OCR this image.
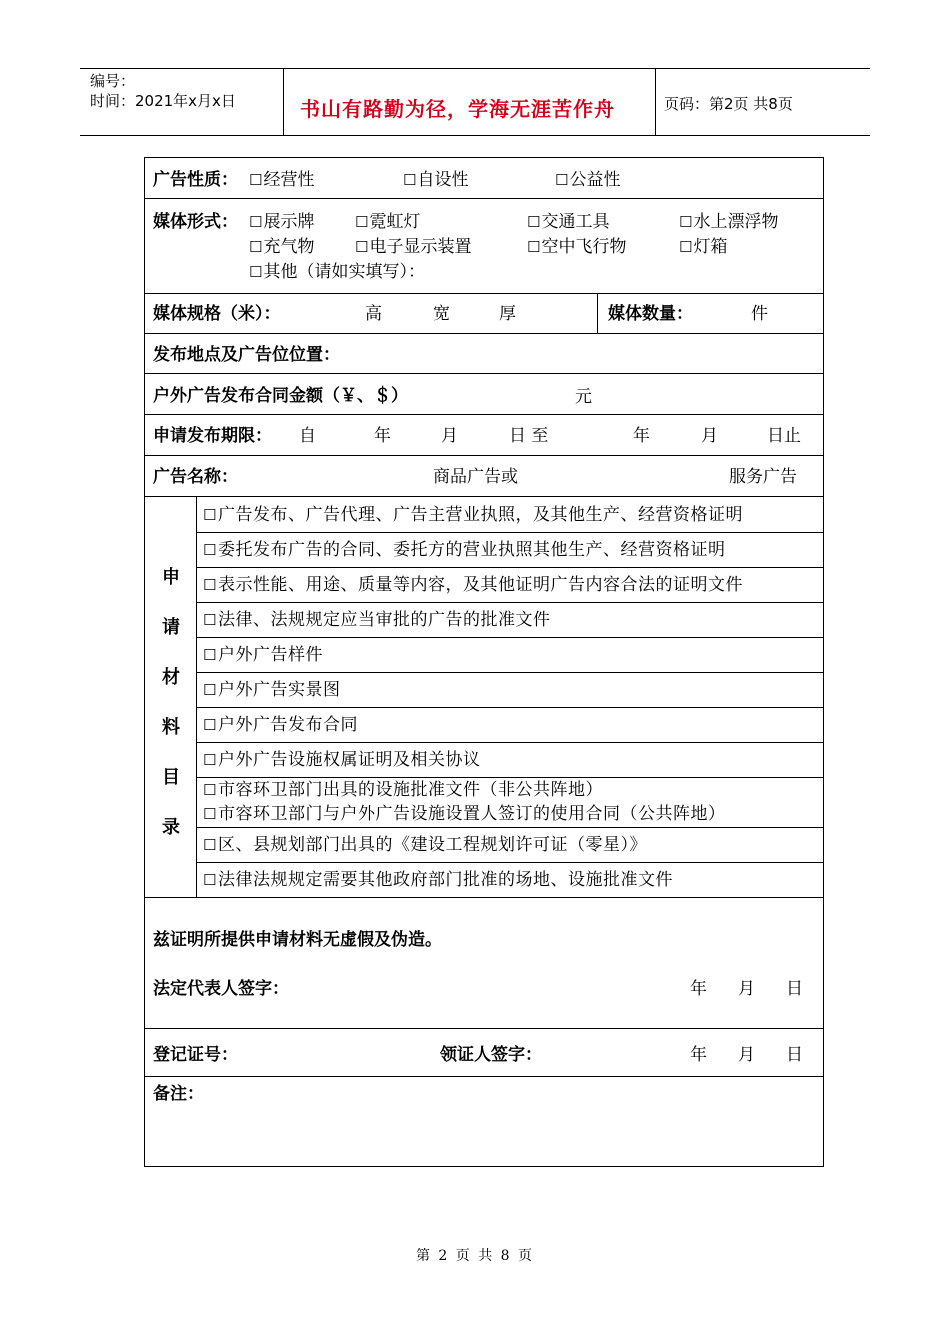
编号：
时间：2021年x月x日	书山有路勤为径，学海无涯苦作舟	页码：第2页 共8页
广告性质： ☐经营性	☐自设性	☐公益性
媒体形式： ☐展示牌	☐霓虹灯	☐交通工具	☐水上漂浮物
☐充气物	☐电子显示装置	☐空中飞行物	☐灯箱
☐其他（请如实填写）：
媒体规格（米）：	高	宽	厚	媒体数量：	件
发布地点及广告位位置：
户外广告发布合同金额（￥、＄）	元
申请发布期限： 自	年	月	日 至	年	月	日止
广告名称：	商品广告或	服务广告
申
请
材
料
目
录
☐广告发布、广告代理、广告主营业执照，及其他生产、经营资格证明
☐委托发布广告的合同、委托方的营业执照其他生产、经营资格证明
☐表示性能、用途、质量等内容，及其他证明广告内容合法的证明文件
☐法律、法规规定应当审批的广告的批准文件
☐户外广告样件
☐户外广告实景图
☐户外广告发布合同
☐户外广告设施权属证明及相关协议
☐市容环卫部门出具的设施批准文件（非公共阵地）
☐市容环卫部门与户外广告设施设置人签订的使用合同（公共阵地）
☐区、县规划部门出具的《建设工程规划许可证（零星）》
☐法律法规规定需要其他政府部门批准的场地、设施批准文件
兹证明所提供申请材料无虚假及伪造。
法定代表人签字：	年 月 日
登记证号：	领证人签字：	年 月 日
备注：
第 2 页 共 8 页
